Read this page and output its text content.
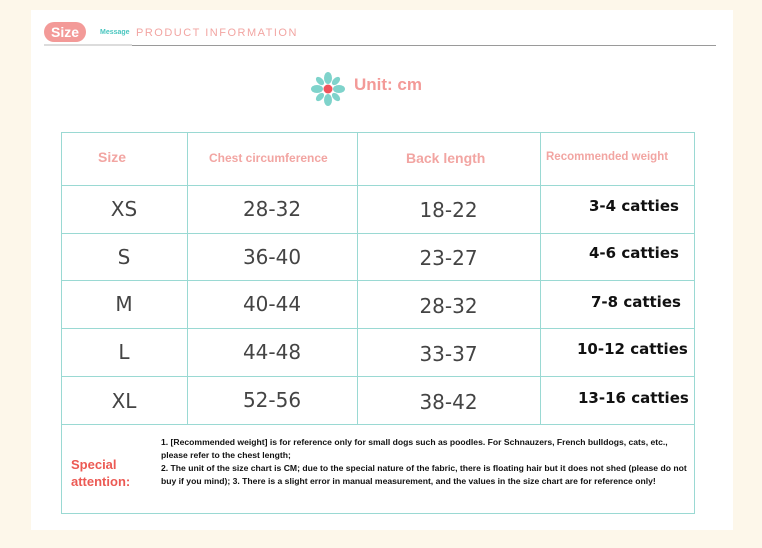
Size	Message PRODUCT INFORMATION
Unit: cm
Size	Chest circumference	Back length	Recommended weight
XS	28-32	18-22	3-4 catties
S	36-40	23-27	4-6 catties
M	40-44	28-32	7-8 catties
L	44-48	33-37	10-12 catties
XL	52-56	38-42	13-16 catties
Special
attention:
1. [Recommended weight] is for reference only for small dogs such as poodles. For Schnauzers, French bulldogs, cats, etc., please refer to the chest length;
2. The unit of the size chart is CM; due to the special nature of the fabric, there is floating hair but it does not shed (please do not buy if you mind); 3. There is a slight error in manual measurement, and the values in the size chart are for reference only!
